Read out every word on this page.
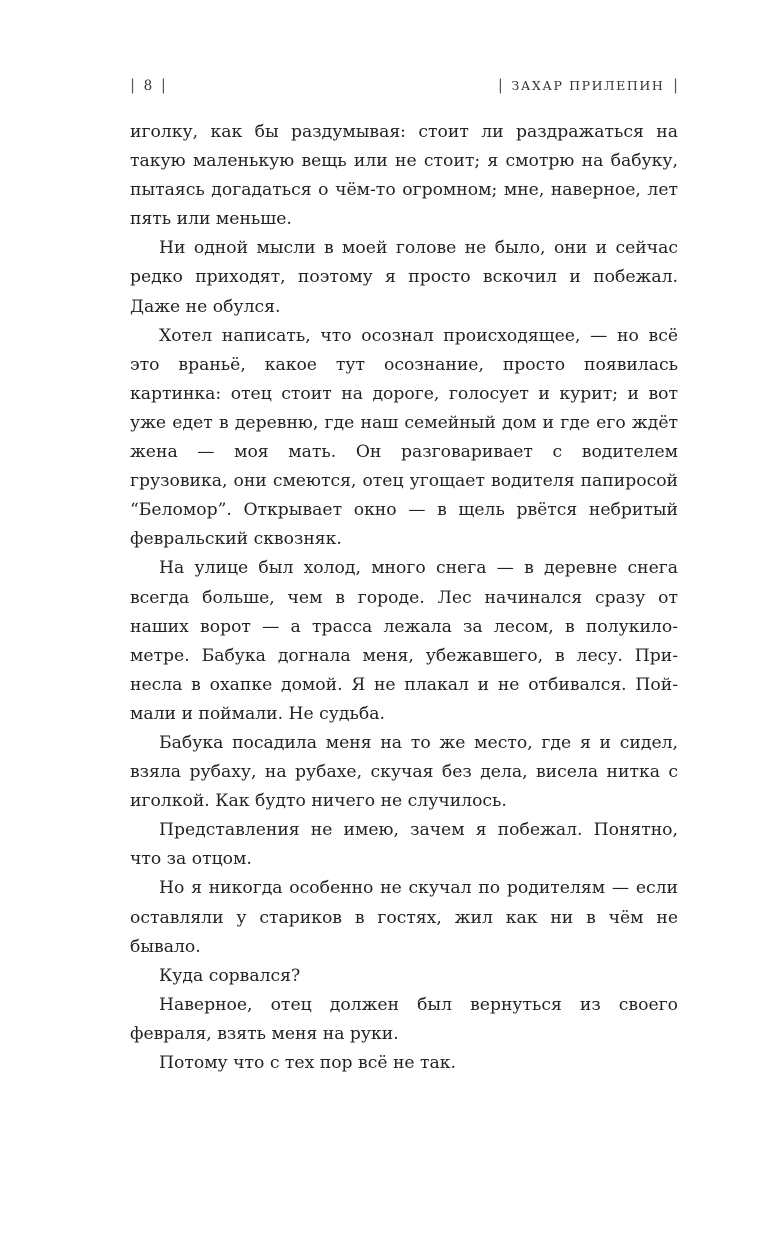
| 8 |	| ЗАХАР ПРИЛЕПИН |

иголку, как бы раздумывая: стоит ли раздражаться на такую маленькую вещь или не стоит; я смотрю на бабуку, пытаясь догадаться о чём-то огромном; мне, наверное, лет пять или меньше.

Ни одной мысли в моей голове не было, они и сейчас редко приходят, поэтому я просто вскочил и побежал. Даже не обулся.

Хотел написать, что осознал происходящее, — но всё это враньё, какое тут осознание, просто появилась картинка: отец стоит на дороге, голосует и курит; и вот уже едет в деревню, где наш семейный дом и где его ждёт жена — моя мать. Он разговаривает с водителем грузовика, они смеются, отец угощает водителя папиросой “Беломор”. Открывает окно — в щель рвётся небритый февральский сквозняк.

На улице был холод, много снега — в деревне снега всегда больше, чем в городе. Лес начинался сразу от наших ворот — а трасса лежала за лесом, в полукилометре. Бабука догнала меня, убежавшего, в лесу. Принесла в охапке домой. Я не плакал и не отбивался. Поймали и поймали. Не судьба.

Бабука посадила меня на то же место, где я и сидел, взяла рубаху, на рубахе, скучая без дела, висела нитка с иголкой. Как будто ничего не случилось.

Представления не имею, зачем я побежал. Понятно, что за отцом.

Но я никогда особенно не скучал по родителям — если оставляли у стариков в гостях, жил как ни в чём не бывало.

Куда сорвался?

Наверное, отец должен был вернуться из своего февраля, взять меня на руки.

Потому что с тех пор всё не так.
